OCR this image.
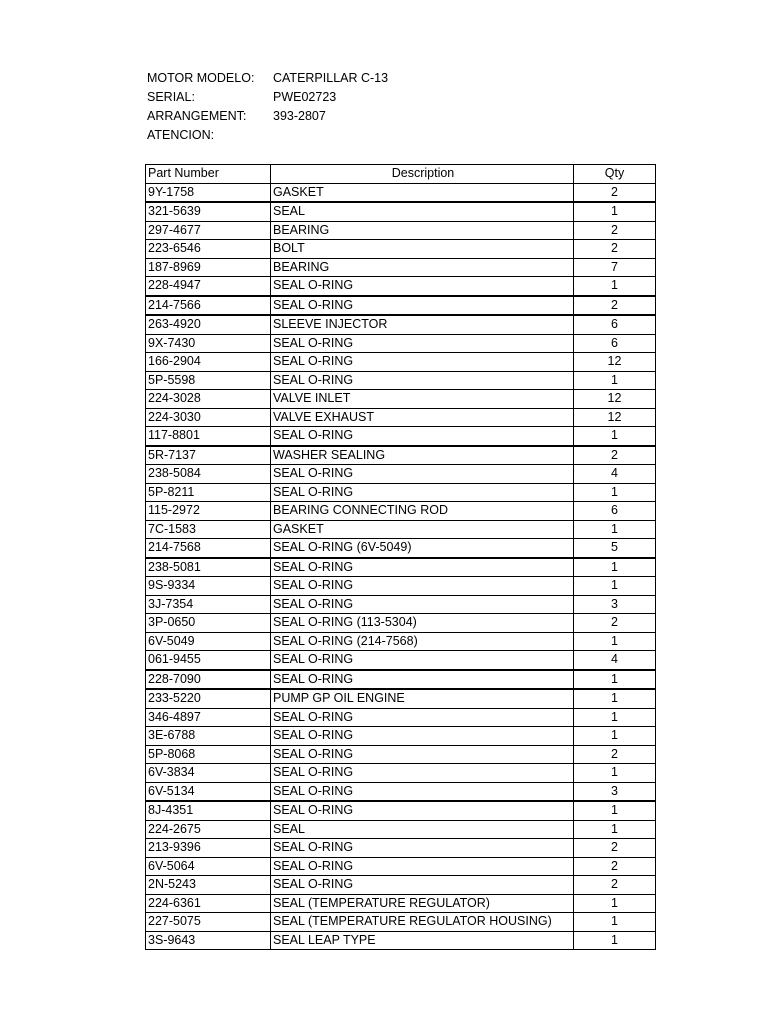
MOTOR MODELO:	CATERPILLAR C-13
SERIAL:	PWE02723
ARRANGEMENT:	393-2807
ATENCION:
Part Number	Description	Qty
9Y-1758	GASKET	2
321-5639	SEAL	1
297-4677	BEARING	2
223-6546	BOLT	2
187-8969	BEARING	7
228-4947	SEAL O-RING	1
214-7566	SEAL O-RING	2
263-4920	SLEEVE INJECTOR	6
9X-7430	SEAL O-RING	6
166-2904	SEAL O-RING	12
5P-5598	SEAL O-RING	1
224-3028	VALVE INLET	12
224-3030	VALVE EXHAUST	12
117-8801	SEAL O-RING	1
5R-7137	WASHER SEALING	2
238-5084	SEAL O-RING	4
5P-8211	SEAL O-RING	1
115-2972	BEARING CONNECTING ROD	6
7C-1583	GASKET	1
214-7568	SEAL O-RING (6V-5049)	5
238-5081	SEAL O-RING	1
9S-9334	SEAL O-RING	1
3J-7354	SEAL O-RING	3
3P-0650	SEAL O-RING (113-5304)	2
6V-5049	SEAL O-RING (214-7568)	1
061-9455	SEAL O-RING	4
228-7090	SEAL O-RING	1
233-5220	PUMP GP OIL ENGINE	1
346-4897	SEAL O-RING	1
3E-6788	SEAL O-RING	1
5P-8068	SEAL O-RING	2
6V-3834	SEAL O-RING	1
6V-5134	SEAL O-RING	3
8J-4351	SEAL O-RING	1
224-2675	SEAL	1
213-9396	SEAL O-RING	2
6V-5064	SEAL O-RING	2
2N-5243	SEAL O-RING	2
224-6361	SEAL (TEMPERATURE REGULATOR)	1
227-5075	SEAL (TEMPERATURE REGULATOR HOUSING)	1
3S-9643	SEAL LEAP TYPE	1
